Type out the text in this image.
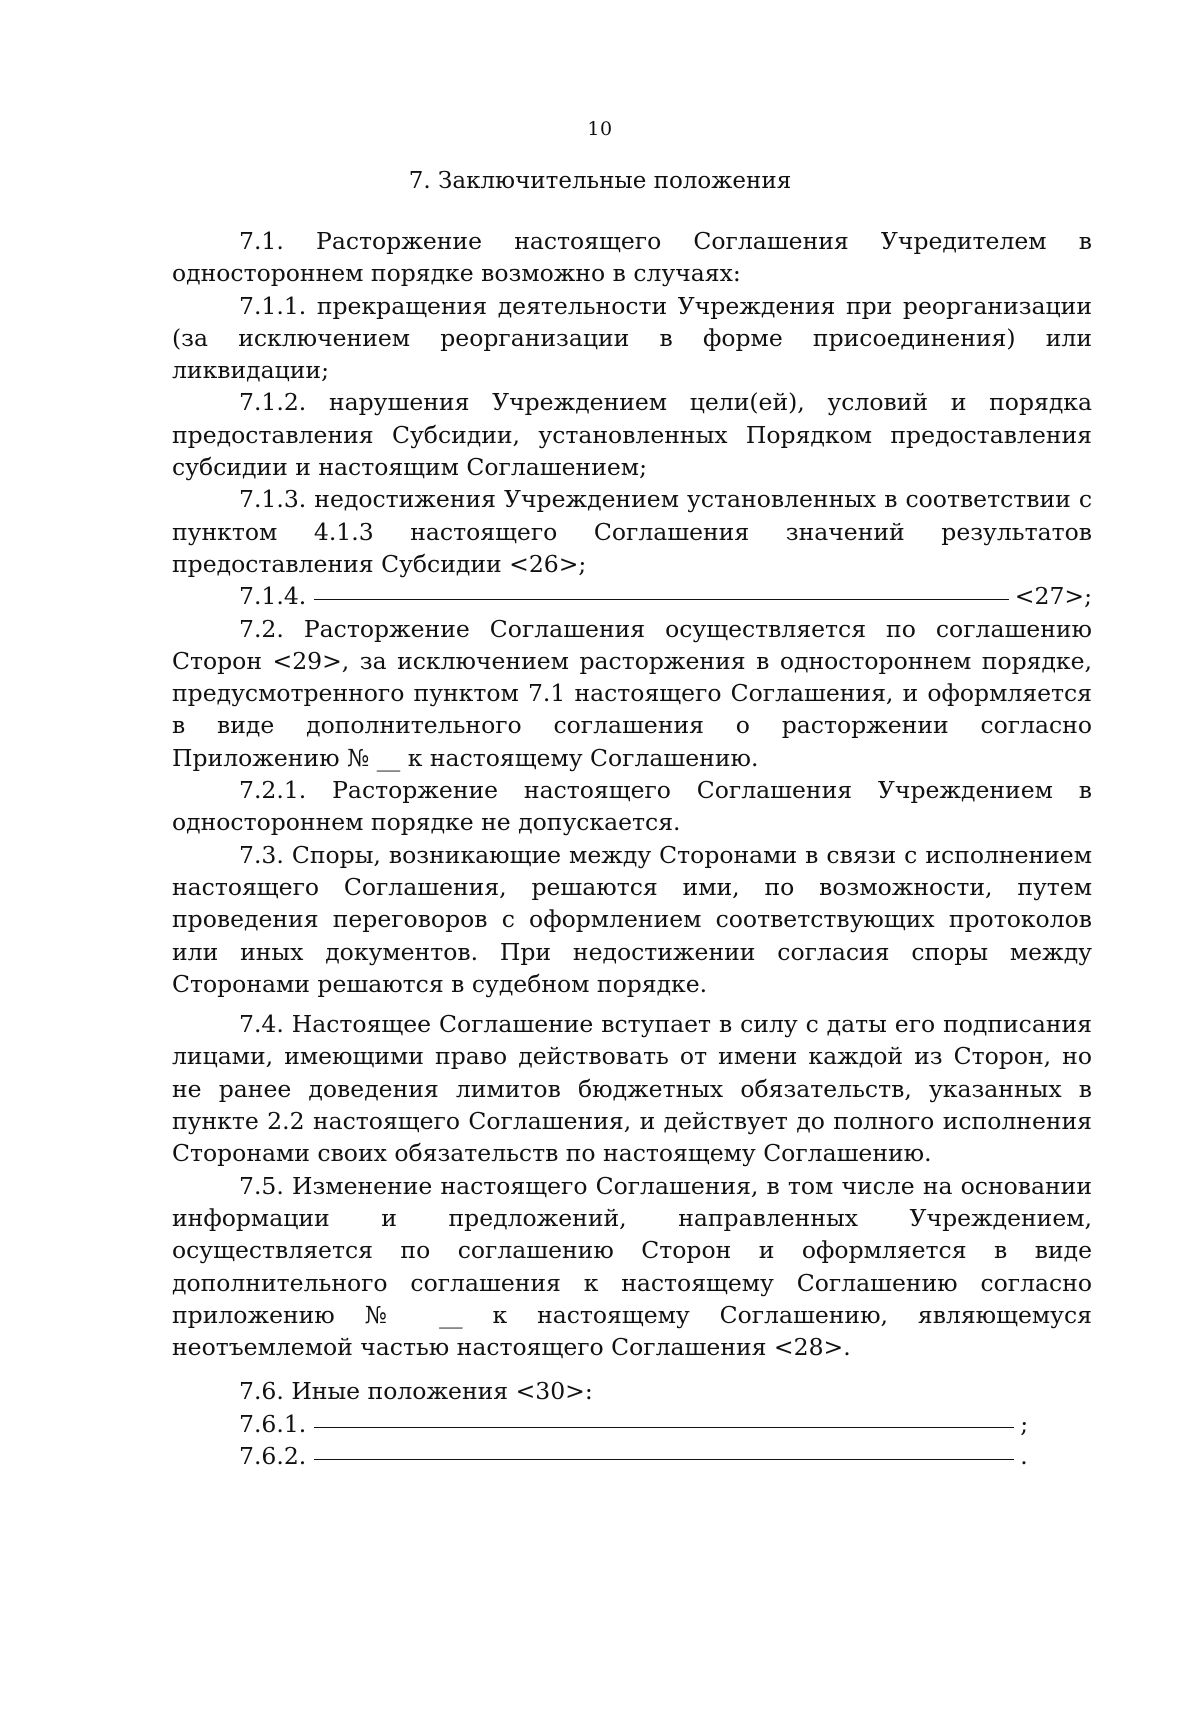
10
7. Заключительные положения

7.1. Расторжение настоящего Соглашения Учредителем в одностороннем порядке возможно в случаях:

7.1.1. прекращения деятельности Учреждения при реорганизации (за исключением реорганизации в форме присоединения) или ликвидации;

7.1.2. нарушения Учреждением цели(ей), условий и порядка предоставления Субсидии, установленных Порядком предоставления субсидии и настоящим Соглашением;

7.1.3. недостижения Учреждением установленных в соответствии с пунктом 4.1.3 настоящего Соглашения значений результатов предоставления Субсидии <26>;

7.1.4.	<27>;

7.2. Расторжение Соглашения осуществляется по соглашению Сторон <29>, за исключением расторжения в одностороннем порядке, предусмотренного пунктом 7.1 настоящего Соглашения, и оформляется в виде дополнительного соглашения о расторжении согласно Приложению № __ к настоящему Соглашению.

7.2.1. Расторжение настоящего Соглашения Учреждением в одностороннем порядке не допускается.

7.3. Споры, возникающие между Сторонами в связи с исполнением настоящего Соглашения, решаются ими, по возможности, путем проведения переговоров с оформлением соответствующих протоколов или иных документов. При недостижении согласия споры между Сторонами решаются в судебном порядке.

7.4. Настоящее Соглашение вступает в силу с даты его подписания лицами, имеющими право действовать от имени каждой из Сторон, но не ранее доведения лимитов бюджетных обязательств, указанных в пункте 2.2 настоящего Соглашения, и действует до полного исполнения Сторонами своих обязательств по настоящему Соглашению.

7.5. Изменение настоящего Соглашения, в том числе на основании информации и предложений, направленных Учреждением, осуществляется по соглашению Сторон и оформляется в виде дополнительного соглашения к настоящему Соглашению согласно приложению № __ к настоящему Соглашению, являющемуся неотъемлемой частью настоящего Соглашения <28>.

7.6. Иные положения <30>:

7.6.1.	;
7.6.2.	.
